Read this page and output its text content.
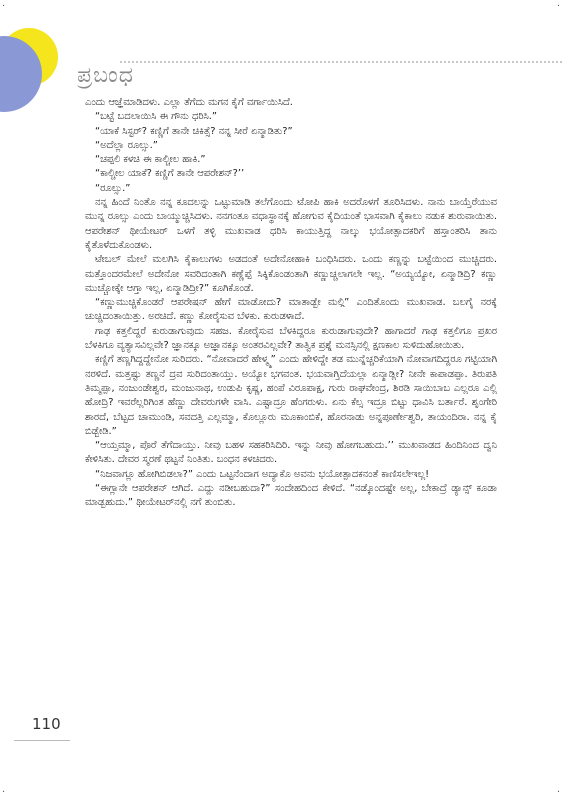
·	·
·	·
ಪ್ರಬಂಧ

ಎಂದು ಆಜ್ಞೆಮಾಡಿದಳು. ಎಲ್ಲಾ ತೆಗೆದು ಮಗನ ಕೈಗೆ ವರ್ಗಾಯಿಸಿದೆ.

“ಬಟ್ಟೆ ಬದಲಾಯಿಸಿ ಈ ಗೌನು ಧರಿಸಿ.”

“ಯಾಕೆ ಸಿಸ್ಟರ್? ಕಣ್ಣಿಗೆ ತಾನೇ ಚಿಕಿತ್ಸೆ? ನನ್ನ ಸೀರೆ ಏನ್ಮಾಡಿತು?”

“ಅದೆಲ್ಲಾ ರೂಲ್ಸು.”

“ಚಪ್ಪಲಿ ಕಳಚಿ ಈ ಕಾಲ್ಚೀಲ ಹಾಕಿ.”

“ಕಾಲ್ಚೀಲ ಯಾಕೆ? ಕಣ್ಣಿಗೆ ತಾನೇ ಆಪರೇಶನ್?’’

“ರೂಲ್ಸು.”

ನನ್ನ ಹಿಂದೆ ನಿಂತೊ ನನ್ನ ಕೂದಲನ್ನು ಒಟ್ಟುಮಾಡಿ ತಲೆಗೊಂದು ಟೋಪಿ ಹಾಕಿ ಅದರೊಳಗೆ ತೂರಿಸಿದಳು. ನಾನು ಬಾಯ್ತೆರೆಯುವ ಮುನ್ನ ರೂಲ್ಸು ಎಂದು ಬಾಯ್ಮುಚ್ಚಿಸಿದಳು. ನನಗಂತೂ ವಧಾಸ್ಥಾನಕ್ಕೆ ಹೋಗುವ ಕೈದಿಯಂತೆ ಭಾಸವಾಗಿ ಕೈಕಾಲು ನಡುಕ ಶುರುವಾಯಿತು. ಆಪರೇಶನ್ ಥೀಯೇಟರ್ ಒಳಗೆ ತಳ್ಳಿ ಮುಖವಾಡ ಧರಿಸಿ ಕಾಯುತ್ತಿದ್ದ ನಾಲ್ಕು ಭಯೋತ್ಪಾದಕರಿಗೆ ಹಸ್ತಾಂತರಿಸಿ ತಾನು ಕೈತೊಳೆದುಕೊಂಡಳು.

ಟೇಬಲ್ ಮೇಲೆ ಮಲಗಿಸಿ ಕೈಕಾಲುಗಳು ಅಡದಂತೆ ಅದೇನೋಹಾಕಿ ಬಂಧಿಸಿದರು. ಒಂದು ಕಣ್ಣನ್ನು ಬಟ್ಟೆಯಿಂದ ಮುಚ್ಚಿದರು. ಮತ್ತೊಂದರಮೇಲೆ ಅದೇನೋ ಸವರಿದಂತಾಗಿ ಕಣ್ಣೆಪ್ಪೆ ಸಿಕ್ಕಿಕೊಂಡಂತಾಗಿ ಕಣ್ಣುಚ್ಚಲಾಗಲೇ ಇಲ್ಲ. “ಅಯ್ಯಯ್ಯೋ, ಏನ್ಮಾಡಿದ್ರಿ? ಕಣ್ಣು ಮುಚ್ಚೋಕ್ಕೇ ಆಗ್ತಾ ಇಲ್ಲ, ಏನ್ಮಾಡಿದ್ರೀ?” ಕೂಗಿಕೊಂಡೆ.

“ಕಣ್ಣುಮುಚ್ಚಿಕೊಂಡರೆ ಆಪರೇಷನ್ ಹೇಗೆ ಮಾಡೋದು? ಮಾತಾಡ್ಬೇ ಮಲ್ಗಿ” ಎಂದಿತೊಂದು ಮುಖವಾಡ. ಬಲಗೈ ನರಕ್ಕೆ ಚುಚ್ಚಿದಂತಾಯಿತ್ತು. ಅರಚಿದೆ. ಕಣ್ಣು ಕೋರೈಸುವ ಬೆಳಕು. ಕುರುಡಳಾದೆ.

ಗಾಢ ಕತ್ತಲಿದ್ದರೆ ಕುರುಡಾಗುವುದು ಸಹಜ. ಕೋರೈಸುವ ಬೆಳಕಿದ್ದರೂ ಕುರುಡಾಗುವುದೇ? ಹಾಗಾದರೆ ಗಾಢ ಕತ್ತಲಿಗೂ ಪ್ರಖರ ಬೆಳಕಿಗೂ ವ್ಯತ್ಯಾಸವಿಲ್ಲವೇ? ಜ್ಞಾನಕ್ಕೂ ಅಜ್ಞಾನಕ್ಕೂ ಅಂತರವಿಲ್ಲವೇ? ತಾತ್ವಿಕ ಪ್ರಶ್ನೆ ಮನಸ್ಸಿನಲ್ಲಿ ಕ್ಷಣಕಾಲ ಸುಳಿದುಹೋಯಿತು.

ಕಣ್ಣಿಗೆ ತಣ್ಣಗಿದ್ದದ್ದೇನೋ ಸುರಿದರು. “ನೋವಾದರೆ ಹೇಳ್ಮ್ಮ” ಎಂದು ಹೇಳಿದ್ದೇ ತಡ ಮುನ್ನೆಚ್ಚರಿಕೆಯಾಗಿ ನೋವಾಗದಿದ್ದರೂ ಗಟ್ಟಿಯಾಗಿ ನರಳಿದೆ. ಮತ್ತಷ್ಟು ತಣ್ಣನೆ ದ್ರವ ಸುರಿದಂತಾಯ್ತು. ಅಯ್ಯೋ ಭಗವಂತ. ಭಯವಾಗ್ತಿದೆಯಲ್ಲಾ ಏನ್ಮಾಡ್ಲೀ? ನೀನೇ ಕಾಪಾಡಪ್ಪಾ. ತಿರುಪತಿ ತಿಮ್ಮಪ್ಪಾ, ನಂಜುಂಡೇಶ್ವರ, ಮಂಜುನಾಥ, ಉಡುಪಿ ಕೃಷ್ಣ, ಹಂಪೆ ವಿರೂಪಾಕ್ಷ, ಗುರು ರಾಘವೇಂದ್ರ, ಶಿರಡಿ ಸಾಯಿಬಾಬ ಎಲ್ಲರೂ ಎಲ್ಲಿ ಹೋದ್ರಿ? ಇವರೆಲ್ಲರಿಗಿಂತ ಹೆಣ್ಣು ದೇವರುಗಳೇ ವಾಸಿ. ಎಷ್ಟಾದ್ರೂ ಹೆಂಗರುಳು. ಏನು ಕೆಲ್ಸ ಇದ್ರೂ ಬಿಟ್ಟು ಧಾವಿಸಿ ಬರ್ತಾರೆ. ಶೃಂಗೇರಿ ಶಾರದೆ, ಬೆಟ್ಟದ ಚಾಮುಂಡಿ, ಸವದತ್ತಿ ಎಲ್ಲಮ್ಮಾ, ಕೊಲ್ಲೂರು ಮೂಕಾಂಬಿಕೆ, ಹೊರನಾಡು ಅನ್ನಪೂರ್ಣೇಶ್ವರಿ, ತಾಯಂದಿರಾ. ನನ್ನ ಕೈ ಬಿಡ್ಬೇಡಿ.”

“ಆಯ್ತಮ್ಮಾ, ಪೊರೆ ತೆಗೆದಾಯ್ತು. ನೀವು ಬಹಳ ಸಹಕರಿಸಿದಿರಿ. ಇನ್ನು ನೀವು ಹೋಗಬಹುದು.’’ ಮುಖವಾಡದ ಹಿಂದಿನಿಂದ ದ್ವನಿ ಕೇಳಿಸಿತು. ದೇವರ ಸ್ಮರಣೆ ಥಟ್ಟನೆ ನಿಂತಿತು. ಬಂಧನ ಕಳಚಿದರು.

“ನಿಜವಾಗ್ಲೂ ಹೋಗಿಬಿಡಲಾ?” ಎಂದು ಒಟ್ಟನೆಂದಾಗ ಅದ್ಯಾಕೊ ಅವನು ಭಯೋತ್ಪಾದಕನಂತೆ ಕಾಣಿಸಲೇಇಲ್ಲ!

“ಈಗ್ಲಾನೇ ಆಪರೇಶನ್ ಆಗಿದೆ. ಎದ್ದು ನಡೀಬಹುದಾ?” ಸಂದೇಹದಿಂದ ಕೇಳಿದೆ. “ನಡ್ಕೊಂದಷ್ಟೇ ಅಲ್ಲ, ಬೇಕಾದ್ರೆ ಡ್ಯಾನ್ಸ್ ಕೂಡಾ ಮಾಡ್ಬಹುದು.” ಥೀಯೇಟರ್‌ನಲ್ಲಿ ನಗೆ ತುಂಬಿತು.

110
